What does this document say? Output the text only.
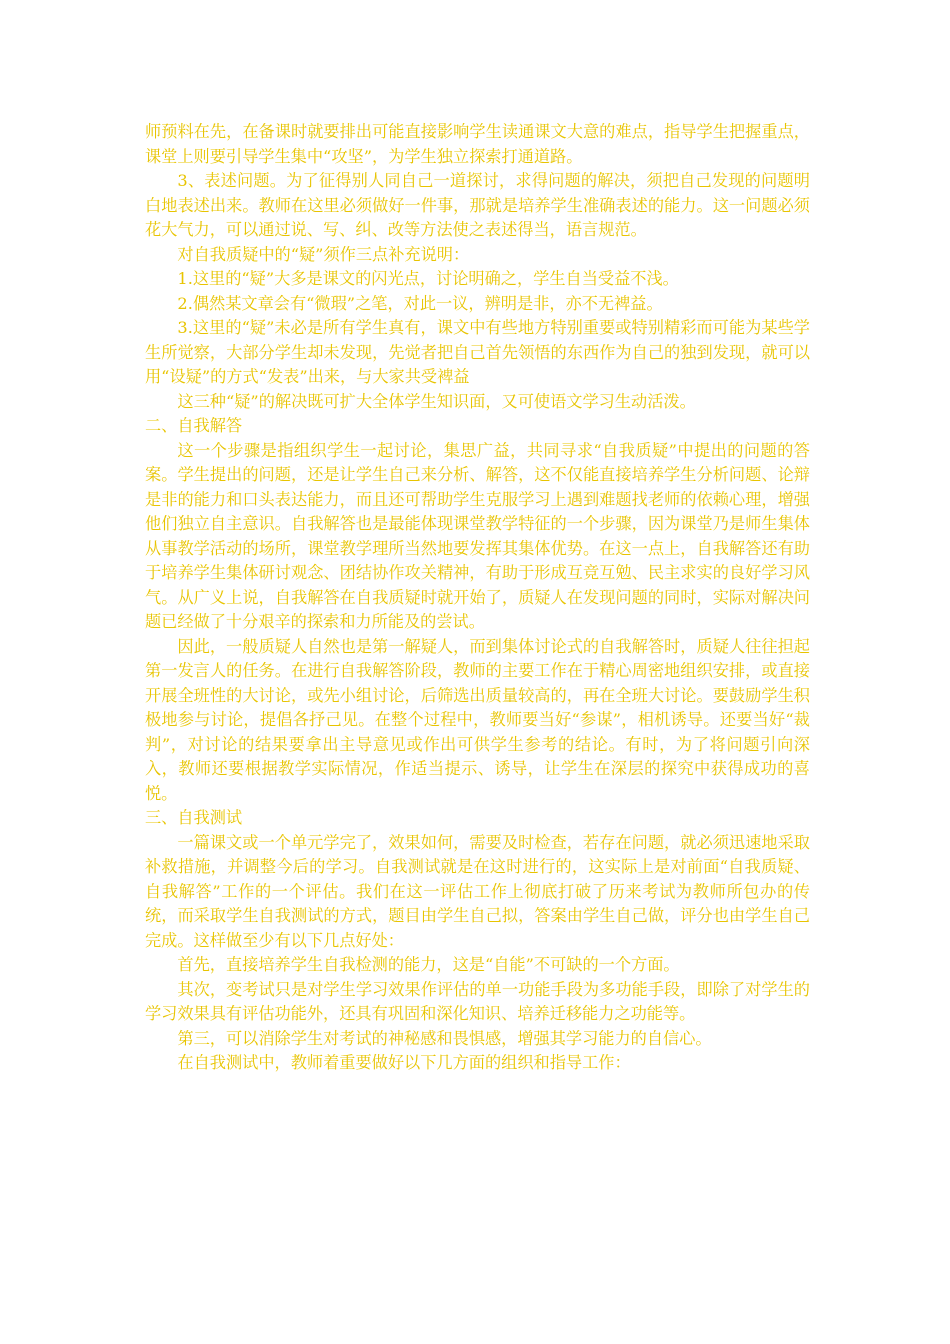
师预料在先，在备课时就要排出可能直接影响学生读通课文大意的难点，指导学生把握重点，课堂上则要引导学生集中“攻坚”，为学生独立探索打通道路。

3、表述问题。为了征得别人同自己一道探讨，求得问题的解决，须把自己发现的问题明白地表述出来。教师在这里必须做好一件事，那就是培养学生准确表述的能力。这一问题必须花大气力，可以通过说、写、纠、改等方法使之表述得当，语言规范。

对自我质疑中的“疑”须作三点补充说明：

1.这里的“疑”大多是课文的闪光点，讨论明确之，学生自当受益不浅。

2.偶然某文章会有“微瑕”之笔，对此一议，辨明是非，亦不无裨益。

3.这里的“疑”未必是所有学生真有，课文中有些地方特别重要或特别精彩而可能为某些学生所觉察，大部分学生却未发现，先觉者把自己首先领悟的东西作为自己的独到发现，就可以用“设疑”的方式“发表”出来，与大家共受裨益

这三种“疑”的解决既可扩大全体学生知识面，又可使语文学习生动活泼。

二、自我解答

这一个步骤是指组织学生一起讨论，集思广益，共同寻求“自我质疑”中提出的问题的答案。学生提出的问题，还是让学生自己来分析、解答，这不仅能直接培养学生分析问题、论辩是非的能力和口头表达能力，而且还可帮助学生克服学习上遇到难题找老师的依赖心理，增强他们独立自主意识。自我解答也是最能体现课堂教学特征的一个步骤，因为课堂乃是师生集体从事教学活动的场所，课堂教学理所当然地要发挥其集体优势。在这一点上，自我解答还有助于培养学生集体研讨观念、团结协作攻关精神，有助于形成互竞互勉、民主求实的良好学习风气。从广义上说，自我解答在自我质疑时就开始了，质疑人在发现问题的同时，实际对解决问题已经做了十分艰辛的探索和力所能及的尝试。

因此，一般质疑人自然也是第一解疑人，而到集体讨论式的自我解答时，质疑人往往担起第一发言人的任务。在进行自我解答阶段，教师的主要工作在于精心周密地组织安排，或直接开展全班性的大讨论，或先小组讨论，后筛选出质量较高的，再在全班大讨论。要鼓励学生积极地参与讨论，提倡各抒己见。在整个过程中，教师要当好“参谋”，相机诱导。还要当好“裁判”，对讨论的结果要拿出主导意见或作出可供学生参考的结论。有时，为了将问题引向深入，教师还要根据教学实际情况，作适当提示、诱导，让学生在深层的探究中获得成功的喜悦。

三、自我测试

一篇课文或一个单元学完了，效果如何，需要及时检查，若存在问题，就必须迅速地采取补救措施，并调整今后的学习。自我测试就是在这时进行的，这实际上是对前面“自我质疑、自我解答”工作的一个评估。我们在这一评估工作上彻底打破了历来考试为教师所包办的传统，而采取学生自我测试的方式，题目由学生自己拟，答案由学生自己做，评分也由学生自己完成。这样做至少有以下几点好处：

首先，直接培养学生自我检测的能力，这是“自能”不可缺的一个方面。

其次，变考试只是对学生学习效果作评估的单一功能手段为多功能手段，即除了对学生的学习效果具有评估功能外，还具有巩固和深化知识、培养迁移能力之功能等。

第三，可以消除学生对考试的神秘感和畏惧感，增强其学习能力的自信心。

在自我测试中，教师着重要做好以下几方面的组织和指导工作：
